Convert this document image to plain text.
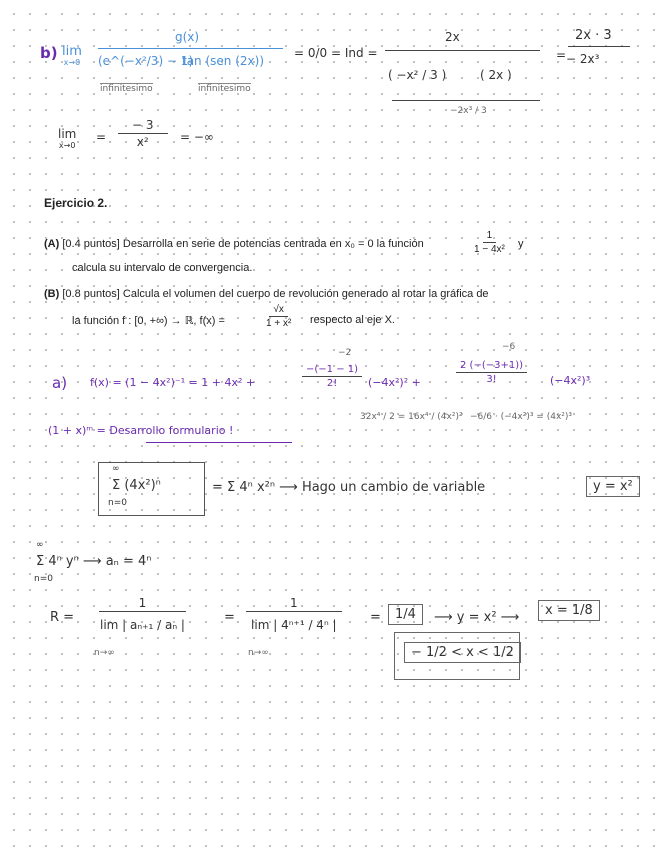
b) lim
x→0
g(x)
(e^(−x²/3) − 1)
tan (sen (2x))
infinitesimo	infinitesimo
= 0/0 = Ind =
2x
( −x² / 3 )	( 2x )
−2x³ / 3
=
2x · 3
− 2x³
lim
x→0
= $\frac{- 3}{\text{x²}}$ = −∞
Ejercicio 2.
(A) [0.4 puntos] Desarrolla en serie de potencias centrada en x₀ = 0 la función	$\frac{1}{\text{1 − 4x²}}$ y
calcula su intervalo de convergencia.
(B) [0.8 puntos] Calcula el volumen del cuerpo de revolución generado al rotar la gráfica de
la función f : [0, +∞) → ℝ, f(x) =	$\frac{√x}{\text{1 + x²}}$ respecto al eje X.
a) f(x) = (1 − 4x²)⁻¹ = 1 + 4x² +
−2
$\frac{-(-1 - 1)}{2!} (-4x^2)^2$ +
−6
$\frac{2 (-(-3+1))}{3!} (-4x^2)^3$
32x⁴ / 2 = 16x⁴ / (4x²)² −6/6 · (−4x²)³ = (4x²)³
(1 + x)ᵐ = Desarrollo formulario !
∞
n=0
Σ (4x²)ⁿ	= Σ 4ⁿ x²ⁿ ⟶ Hago un cambio de variable	y = x²
∞
n=0
Σ 4ⁿ yⁿ ⟶ aₙ = 4ⁿ
$R = \frac{1}{\text{lim | aₙ₊₁ / aₙ |}}$
n→∞
= $\frac{1}{\text{lim | 4ⁿ⁺¹ / 4ⁿ |}}$
n→∞
=	1/4	⟶ y = x² ⟶	x = 1/8
− 1/2 < x < 1/2
